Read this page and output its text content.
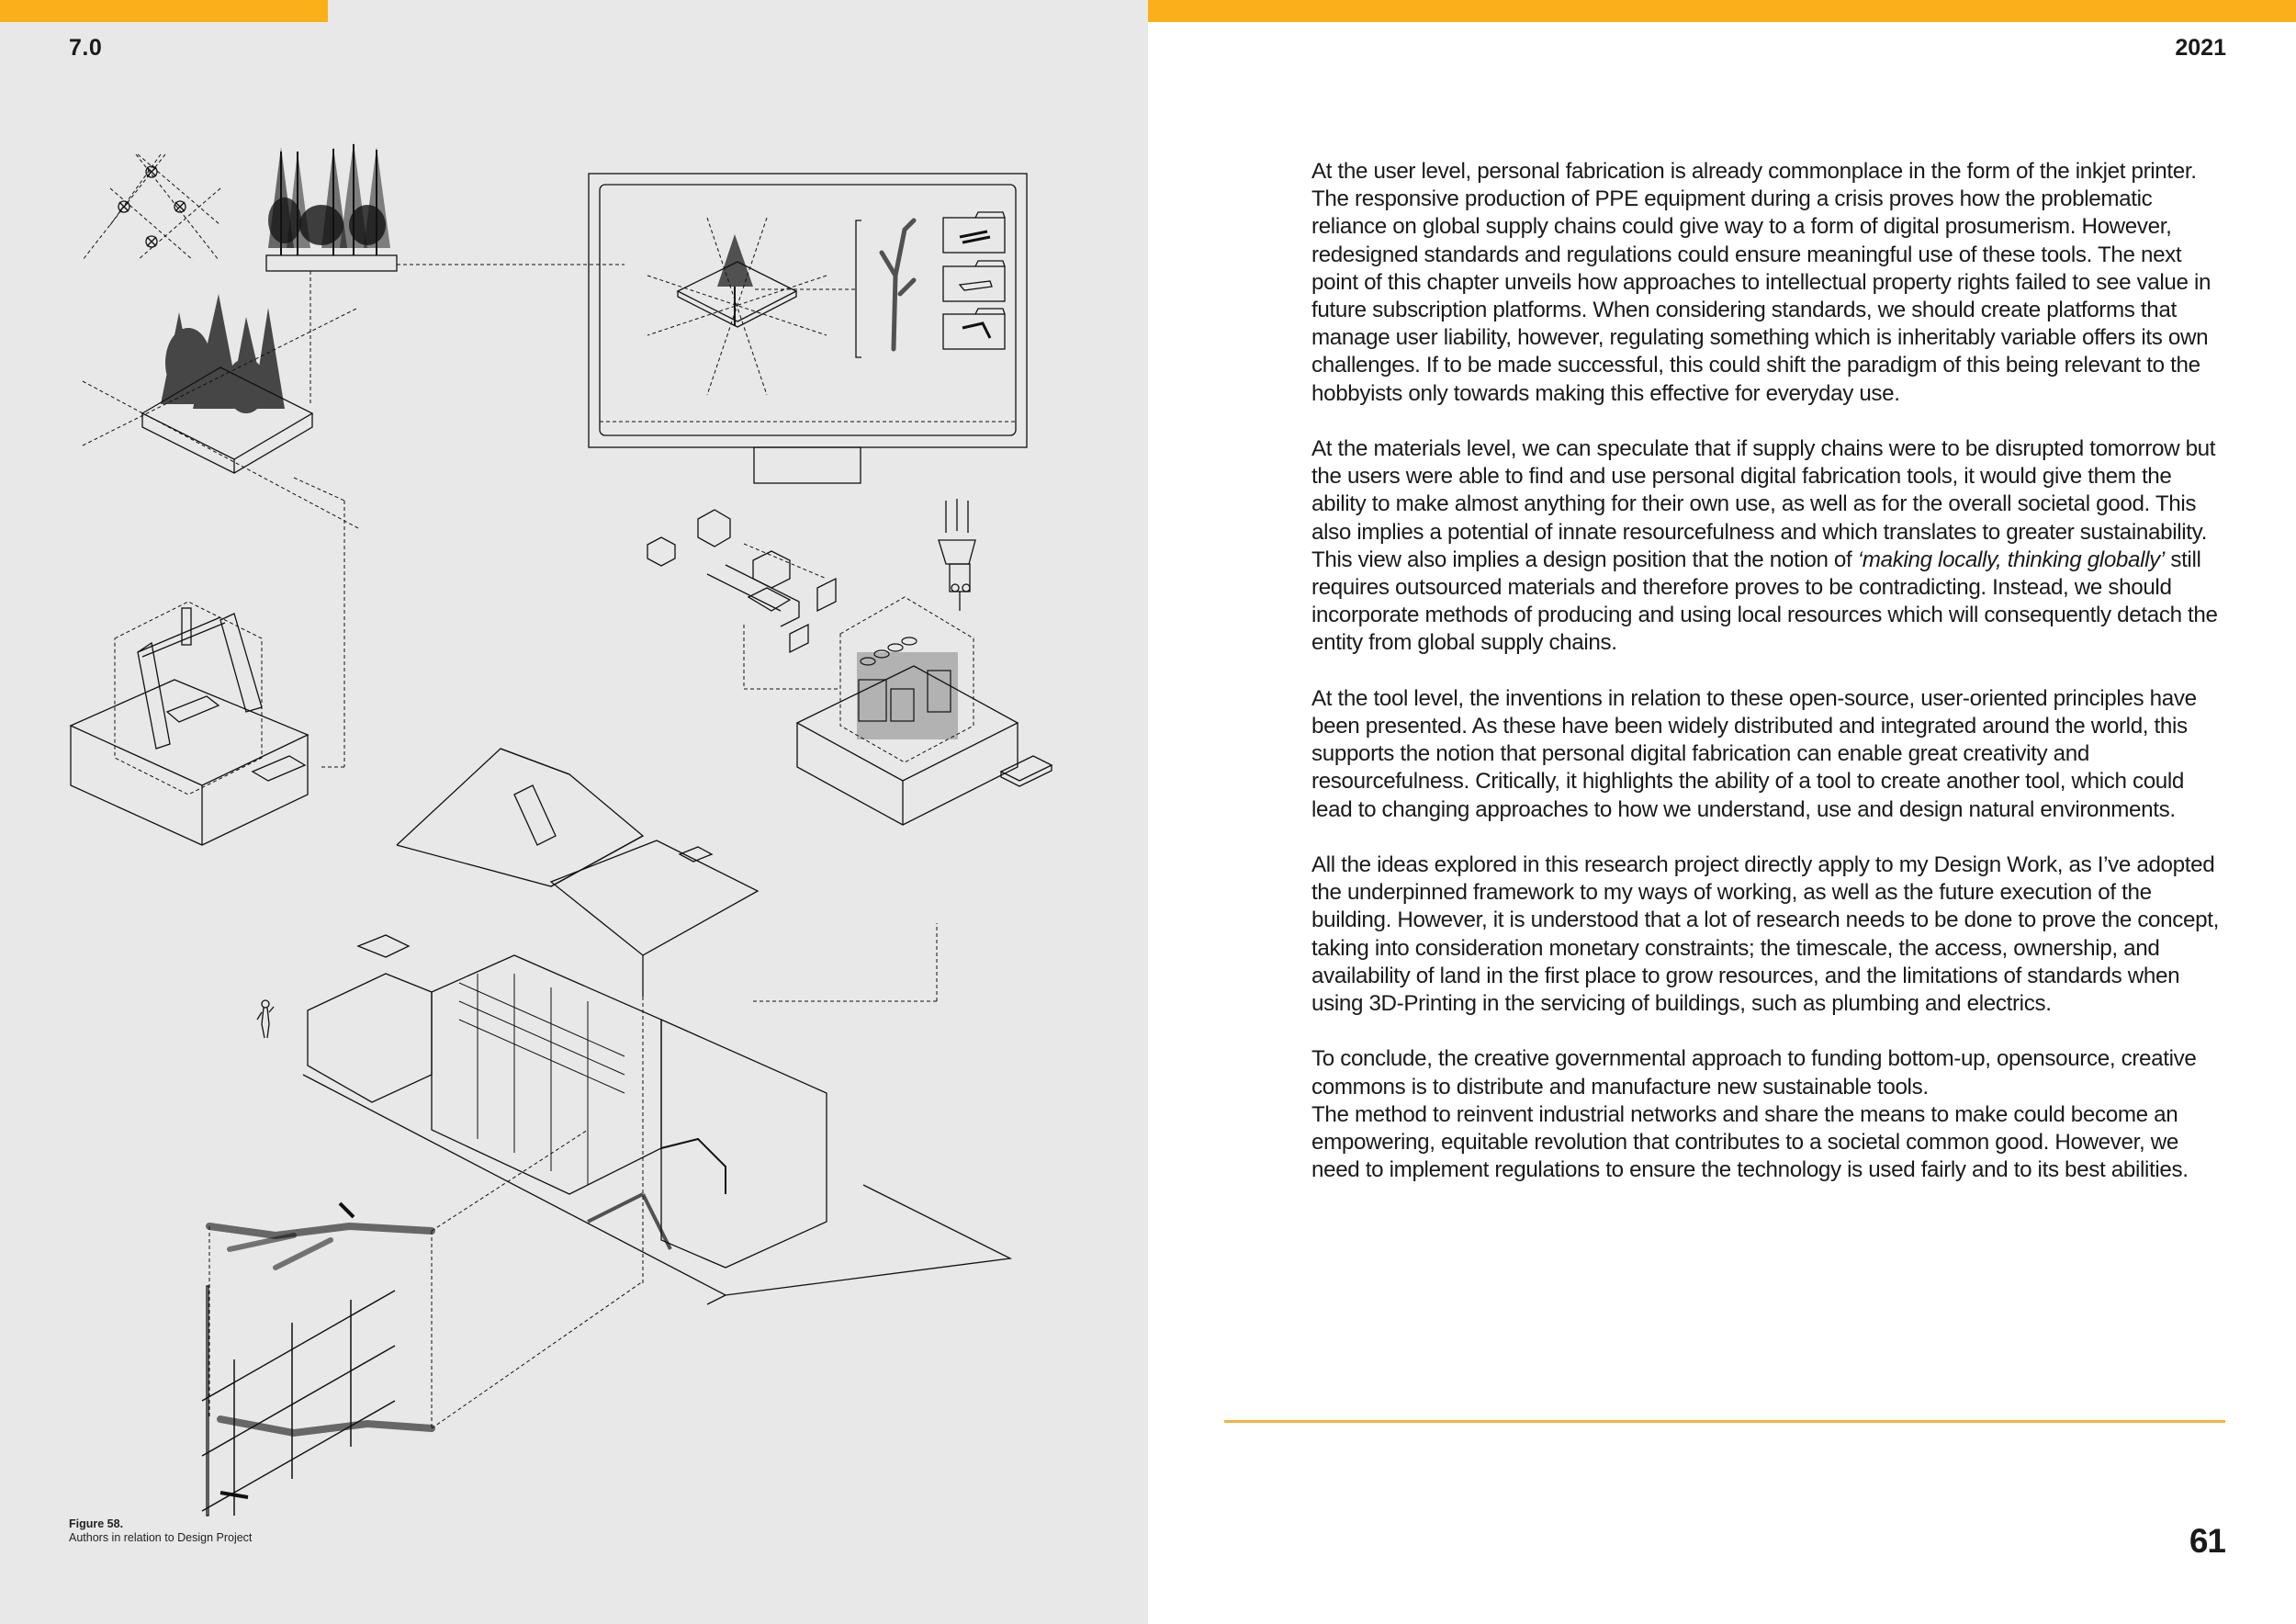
7.0
Figure 58.
Authors in relation to Design Project
2021

At the user level, personal fabrication is already commonplace in the form of the inkjet printer. The responsive production of PPE equipment during a crisis proves how the problematic reliance on global supply chains could give way to a form of digital prosumerism. However, redesigned standards and regulations could ensure meaningful use of these tools. The next point of this chapter unveils how approaches to intellectual property rights failed to see value in future subscription platforms. When considering standards, we should create platforms that manage user liability, however, regulating something which is inheritably variable offers its own challenges. If to be made successful, this could shift the paradigm of this being relevant to the hobbyists only towards making this effective for everyday use.

At the materials level, we can speculate that if supply chains were to be disrupted tomorrow but the users were able to find and use personal digital fabrication tools, it would give them the ability to make almost anything for their own use, as well as for the overall societal good. This also implies a potential of innate resourcefulness and which translates to greater sustainability. This view also implies a design position that the notion of ‘making locally, thinking globally’ still requires outsourced materials and therefore proves to be contradicting. Instead, we should incorporate methods of producing and using local resources which will consequently detach the entity from global supply chains.

At the tool level, the inventions in relation to these open-source, user-oriented principles have been presented. As these have been widely distributed and integrated around the world, this supports the notion that personal digital fabrication can enable great creativity and resourcefulness. Critically, it highlights the ability of a tool to create another tool, which could lead to changing approaches to how we understand, use and design natural environments.

All the ideas explored in this research project directly apply to my Design Work, as I’ve adopted the underpinned framework to my ways of working, as well as the future execution of the building. However, it is understood that a lot of research needs to be done to prove the concept, taking into consideration monetary constraints; the timescale, the access, ownership, and availability of land in the first place to grow resources, and the limitations of standards when using 3D-Printing in the servicing of buildings, such as plumbing and electrics.

To conclude, the creative governmental approach to funding bottom-up, opensource, creative commons is to distribute and manufacture new sustainable tools.
The method to reinvent industrial networks and share the means to make could become an empowering, equitable revolution that contributes to a societal common good. However, we need to implement regulations to ensure the technology is used fairly and to its best abilities.

61
